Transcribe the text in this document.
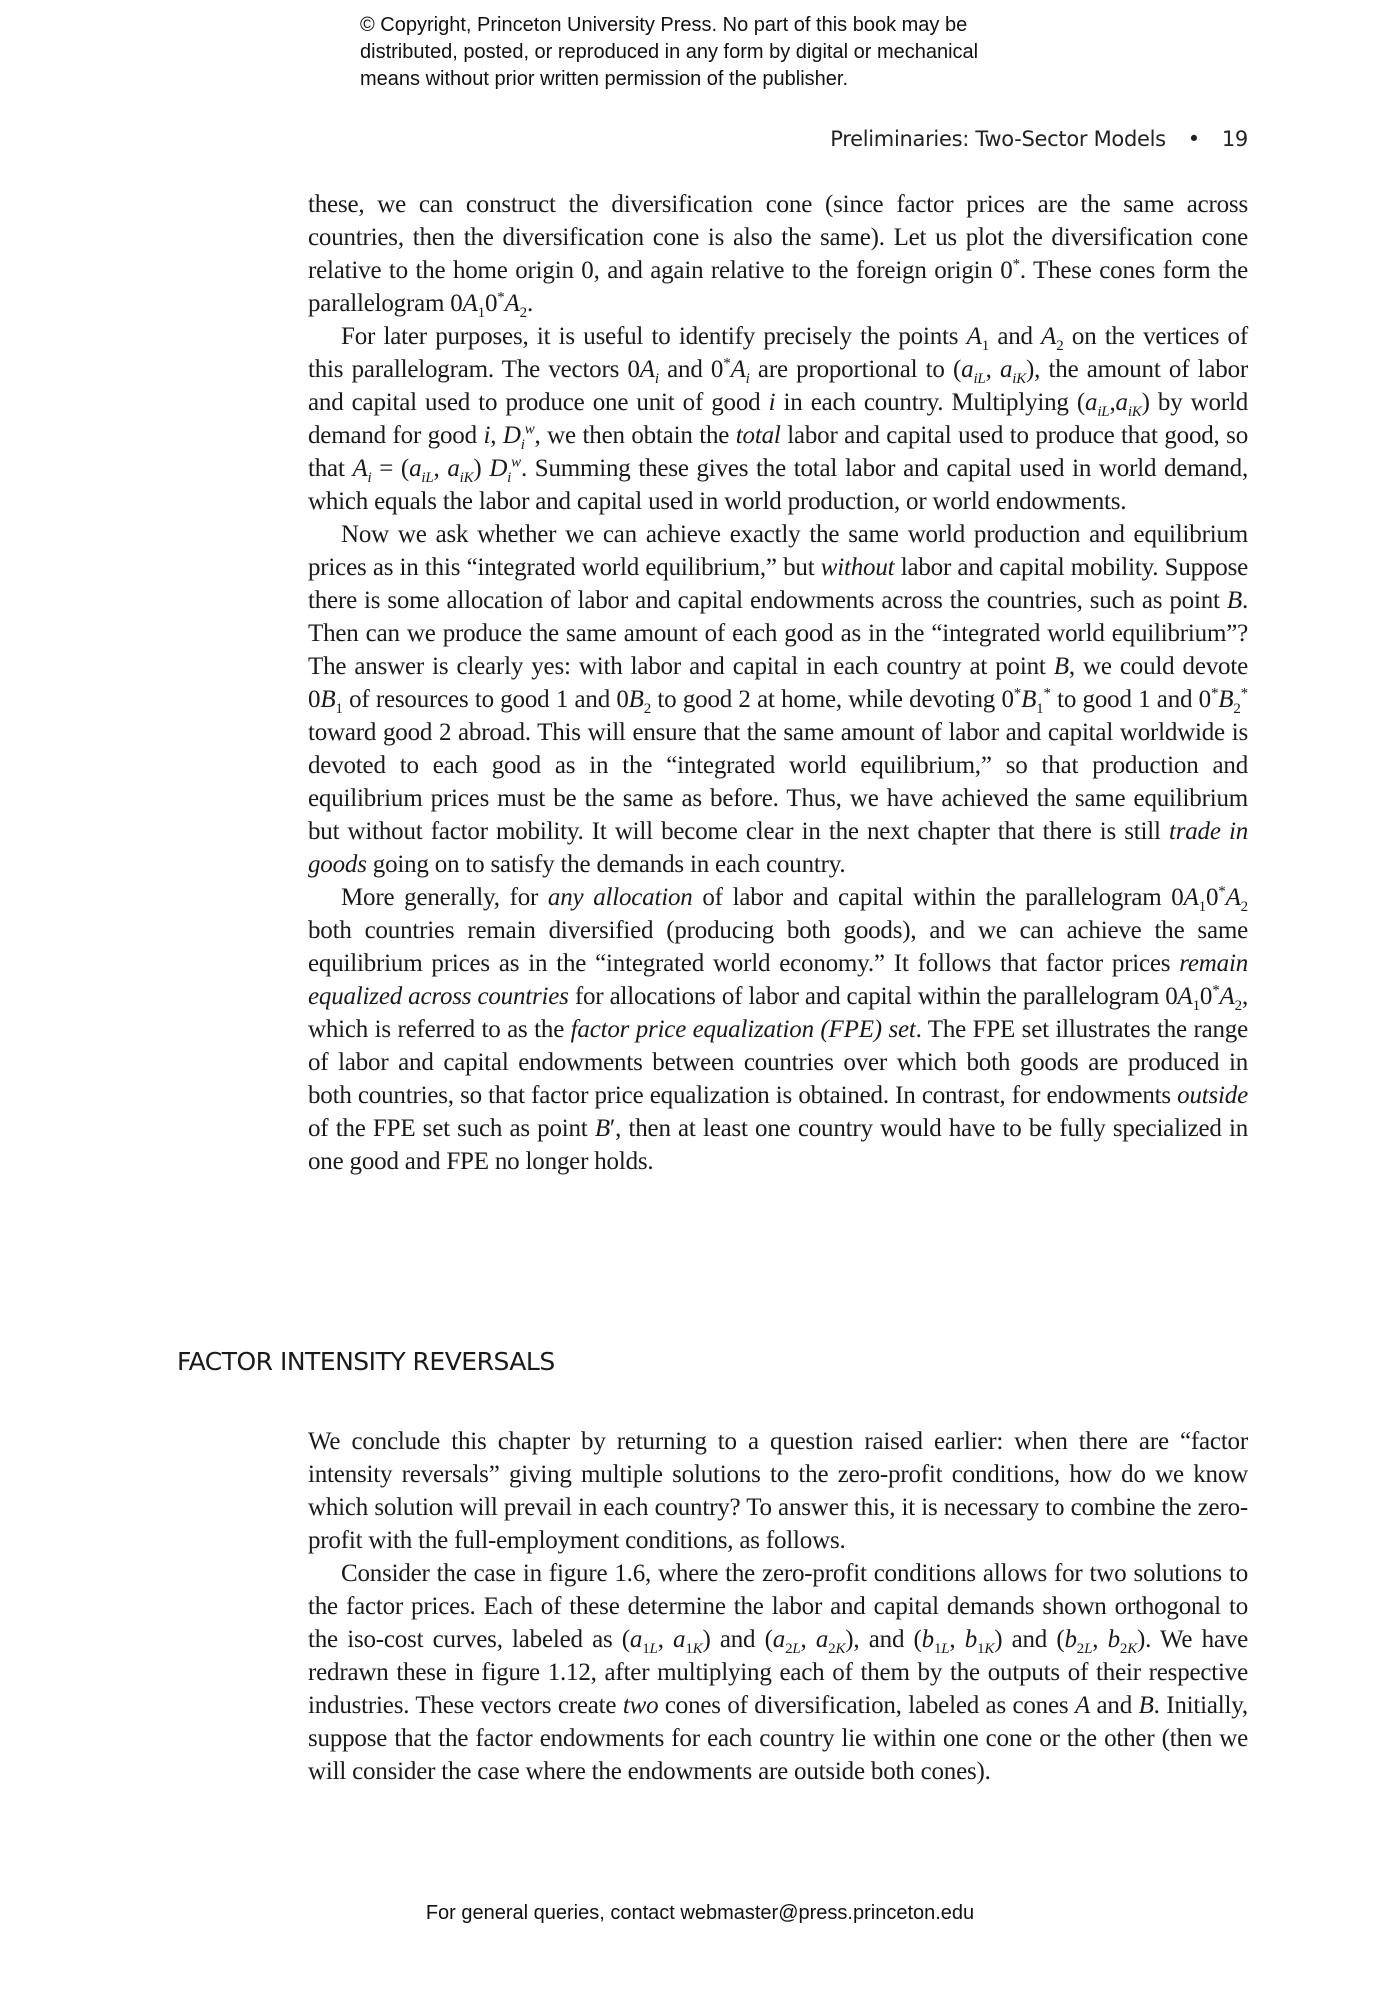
© Copyright, Princeton University Press. No part of this book may be
distributed, posted, or reproduced in any form by digital or mechanical
means without prior written permission of the publisher.
Preliminaries: Two-Sector Models • 19

these, we can construct the diversification cone (since factor prices are the same across countries, then the diversification cone is also the same). Let us plot the diversification cone relative to the home origin 0, and again relative to the foreign origin 0*. These cones form the parallelogram $0A_10^*A_2$.

For later purposes, it is useful to identify precisely the points $A_1$ and $A_2$ on the vertices of this parallelogram. The vectors $0A_i$ and $0^*A_i$ are proportional to ($a_{iL}$, $a_{iK}$), the amount of labor and capital used to produce one unit of good i in each country. Multiplying $(a_{iL},a_{iK})$ by world demand for good i, $D_i^w$, we then obtain the total labor and capital used to produce that good, so that $A_i = (a_{iL}$, $a_{iK}$) $D_i^w$. Summing these gives the total labor and capital used in world demand, which equals the labor and capital used in world production, or world endowments.

Now we ask whether we can achieve exactly the same world production and equilibrium prices as in this “integrated world equilibrium,” but without labor and capital mobility. Suppose there is some allocation of labor and capital endowments across the countries, such as point B. Then can we produce the same amount of each good as in the “integrated world equilibrium”? The answer is clearly yes: with labor and capital in each country at point B, we could devote $0B_1$ of resources to good 1 and $0B_2$ to good 2 at home, while devoting $0^*B_1^*$ to good 1 and $0^*B_2^*$ toward good 2 abroad. This will ensure that the same amount of labor and capital worldwide is devoted to each good as in the “integrated world equilibrium,” so that production and equilibrium prices must be the same as before. Thus, we have achieved the same equilibrium but without factor mobility. It will become clear in the next chapter that there is still trade in goods going on to satisfy the demands in each country.

More generally, for any allocation of labor and capital within the parallelogram $0A_10^*A_2$ both countries remain diversified (producing both goods), and we can achieve the same equilibrium prices as in the “integrated world economy.” It follows that factor prices remain equalized across countries for allocations of labor and capital within the parallelogram $0A_10^*A_2$, which is referred to as the factor price equalization (FPE) set. The FPE set illustrates the range of labor and capital endowments between countries over which both goods are produced in both countries, so that factor price equalization is obtained. In contrast, for endowments outside of the FPE set such as point B′, then at least one country would have to be fully specialized in one good and FPE no longer holds.

FACTOR INTENSITY REVERSALS

We conclude this chapter by returning to a question raised earlier: when there are “factor intensity reversals” giving multiple solutions to the zero-profit conditions, how do we know which solution will prevail in each country? To answer this, it is necessary to combine the zero-profit with the full-employment conditions, as follows.

Consider the case in figure 1.6, where the zero-profit conditions allows for two solutions to the factor prices. Each of these determine the labor and capital demands shown orthogonal to the iso-cost curves, labeled as ($a_{1L}$, $a_{1K}$) and ($a_{2L}$, $a_{2K}$), and ($b_{1L}$, $b_{1K}$) and ($b_{2L}$, $b_{2K}$). We have redrawn these in figure 1.12, after multiplying each of them by the outputs of their respective industries. These vectors create two cones of diversification, labeled as cones A and B. Initially, suppose that the factor endowments for each country lie within one cone or the other (then we will consider the case where the endowments are outside both cones).

For general queries, contact webmaster@press.princeton.edu
